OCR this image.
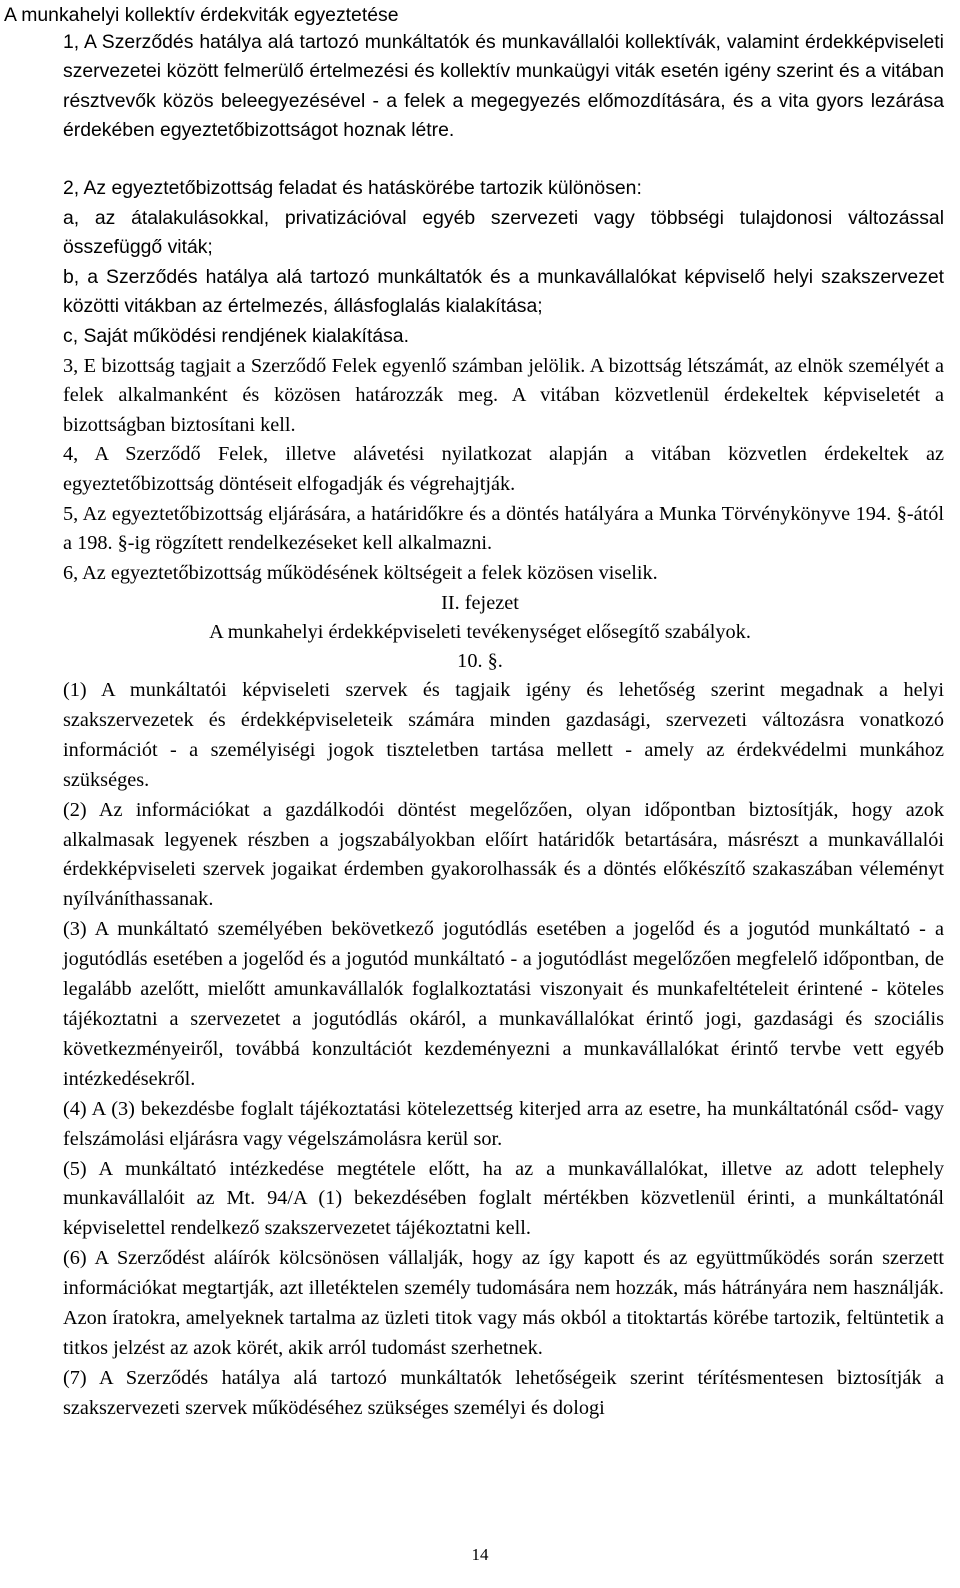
A munkahelyi kollektív érdekviták egyeztetése

1, A Szerződés hatálya alá tartozó munkáltatók és munkavállalói kollektívák, valamint érdekképviseleti szervezetei között felmerülő értelmezési és kollektív munkaügyi viták esetén igény szerint és a vitában résztvevők közös beleegyezésével - a felek a megegyezés előmozdítására, és a vita gyors lezárása érdekében egyeztetőbizottságot hoznak létre.

2, Az egyeztetőbizottság feladat és hatáskörébe tartozik különösen:

a, az átalakulásokkal, privatizációval egyéb szervezeti vagy többségi tulajdonosi változással összefüggő viták;

b, a Szerződés hatálya alá tartozó munkáltatók és a munkavállalókat képviselő helyi szakszervezet közötti vitákban az értelmezés, állásfoglalás kialakítása;

c, Saját működési rendjének kialakítása.

3, E bizottság tagjait a Szerződő Felek egyenlő számban jelölik. A bizottság létszámát, az elnök személyét a felek alkalmanként és közösen határozzák meg. A vitában közvetlenül érdekeltek képviseletét a bizottságban biztosítani kell.

4, A Szerződő Felek, illetve alávetési nyilatkozat alapján a vitában közvetlen érdekeltek az egyeztetőbizottság döntéseit elfogadják és végrehajtják.

5, Az egyeztetőbizottság eljárására, a határidőkre és a döntés hatályára a Munka Törvénykönyve 194. §-ától a 198. §-ig rögzített rendelkezéseket kell alkalmazni.

6, Az egyeztetőbizottság működésének költségeit a felek közösen viselik.

II. fejezet
A munkahelyi érdekképviseleti tevékenységet elősegítő szabályok.
10. §.

(1) A munkáltatói képviseleti szervek és tagjaik igény és lehetőség szerint megadnak a helyi szakszervezetek és érdekképviseleteik számára minden gazdasági, szervezeti változásra vonatkozó információt - a személyiségi jogok tiszteletben tartása mellett - amely az érdekvédelmi munkához szükséges.

(2) Az információkat a gazdálkodói döntést megelőzően, olyan időpontban biztosítják, hogy azok alkalmasak legyenek részben a jogszabályokban előírt határidők betartására, másrészt a munkavállalói érdekképviseleti szervek jogaikat érdemben gyakorolhassák és a döntés előkészítő szakaszában véleményt nyílváníthassanak.

(3) A munkáltató személyében bekövetkező jogutódlás esetében a jogelőd és a jogutód munkáltató - a jogutódlás esetében a jogelőd és a jogutód munkáltató - a jogutódlást megelőzően megfelelő időpontban, de legalább azelőtt, mielőtt amunkavállalók foglalkoztatási viszonyait és munkafeltételeit érintené - köteles tájékoztatni a szervezetet a jogutódlás okáról, a munkavállalókat érintő jogi, gazdasági és szociális következményeiről, továbbá konzultációt kezdeményezni a munkavállalókat érintő tervbe vett egyéb intézkedésekről.

(4) A (3) bekezdésbe foglalt tájékoztatási kötelezettség kiterjed arra az esetre, ha munkáltatónál csőd- vagy felszámolási eljárásra vagy végelszámolásra kerül sor.

(5) A munkáltató intézkedése megtétele előtt, ha az a munkavállalókat, illetve az adott telephely munkavállalóit az Mt. 94/A (1) bekezdésében foglalt mértékben közvetlenül érinti, a munkáltatónál képviselettel rendelkező szakszervezetet tájékoztatni kell.

(6) A Szerződést aláírók kölcsönösen vállalják, hogy az így kapott és az együttműködés során szerzett információkat megtartják, azt illetéktelen személy tudomására nem hozzák, más hátrányára nem használják. Azon íratokra, amelyeknek tartalma az üzleti titok vagy más okból a titoktartás körébe tartozik, feltüntetik a titkos jelzést az azok körét, akik arról tudomást szerhetnek.

(7) A Szerződés hatálya alá tartozó munkáltatók lehetőségeik szerint térítésmentesen biztosítják a szakszervezeti szervek működéséhez szükséges személyi és dologi

14
